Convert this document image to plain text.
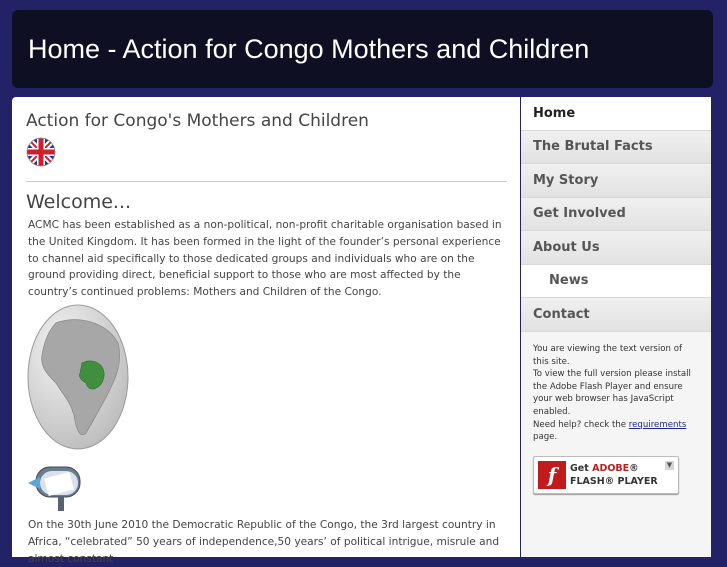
Home - Action for Congo Mothers and Children
Action for Congo's Mothers and Children
Welcome...

ACMC has been established as a non-political, non-profit charitable organisation based in the United Kingdom. It has been formed in the light of the founder’s personal experience to channel aid specifically to those dedicated groups and individuals who are on the ground providing direct, beneficial support to those who are most affected by the country’s continued problems: Mothers and Children of the Congo.

On the 30th June 2010 the Democratic Republic of the Congo, the 3rd largest country in Africa, “celebrated” 50 years of independence,50 years’ of political intrigue, misrule and almost constant

Home
The Brutal Facts
My Story
Get Involved
About Us
News
Contact

You are viewing the text version of this site.
To view the full version please install the Adobe Flash Player and ensure your web browser has JavaScript enabled.
Need help? check the requirements page.

f	Get ADOBE®
FLASH® PLAYER
▼
